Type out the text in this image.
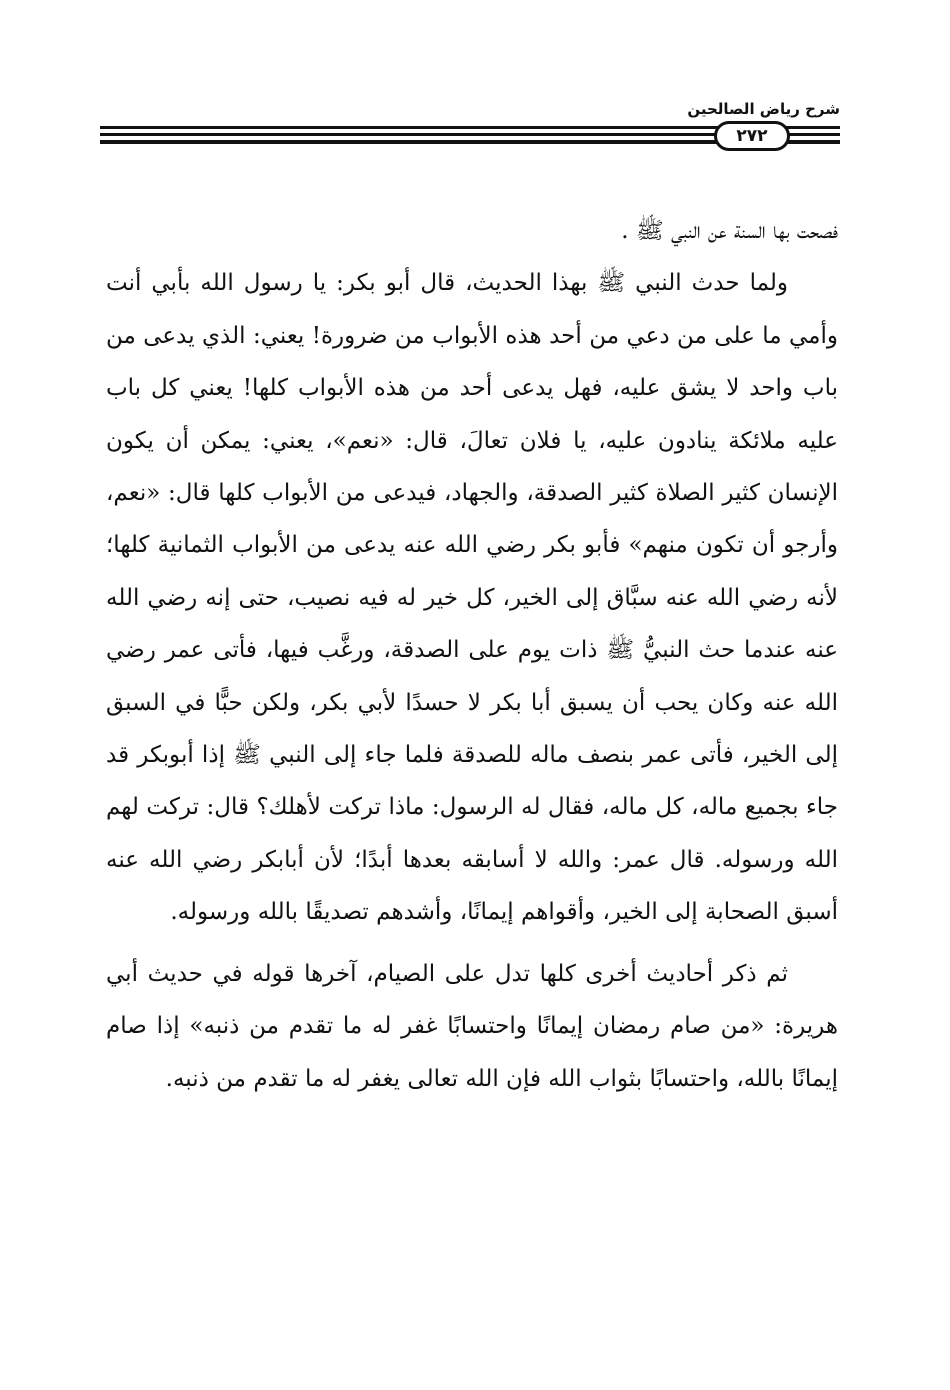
شرح رياض الصالحين
٢٧٢

فصحت بها السنة عن النبي ﷺ .

ولما حدث النبي ﷺ بهذا الحديث، قال أبو بكر: يا رسول الله بأبي أنت وأمي ما على من دعي من أحد هذه الأبواب من ضرورة! يعني: الذي يدعى من باب واحد لا يشق عليه، فهل يدعى أحد من هذه الأبواب كلها! يعني كل باب عليه ملائكة ينادون عليه، يا فلان تعالَ، قال: «نعم»، يعني: يمكن أن يكون الإنسان كثير الصلاة كثير الصدقة، والجهاد، فيدعى من الأبواب كلها قال: «نعم، وأرجو أن تكون منهم» فأبو بكر رضي الله عنه يدعى من الأبواب الثمانية كلها؛ لأنه رضي الله عنه سبَّاق إلى الخير، كل خير له فيه نصيب، حتى إنه رضي الله عنه عندما حث النبيُّ ﷺ ذات يوم على الصدقة، ورغَّب فيها، فأتى عمر رضي الله عنه وكان يحب أن يسبق أبا بكر لا حسدًا لأبي بكر، ولكن حبًّا في السبق إلى الخير، فأتى عمر بنصف ماله للصدقة فلما جاء إلى النبي ﷺ إذا أبوبكر قد جاء بجميع ماله، كل ماله، فقال له الرسول: ماذا تركت لأهلك؟ قال: تركت لهم الله ورسوله. قال عمر: والله لا أسابقه بعدها أبدًا؛ لأن أبابكر رضي الله عنه أسبق الصحابة إلى الخير، وأقواهم إيمانًا، وأشدهم تصديقًا بالله ورسوله.

ثم ذكر أحاديث أخرى كلها تدل على الصيام، آخرها قوله في حديث أبي هريرة: «من صام رمضان إيمانًا واحتسابًا غفر له ما تقدم من ذنبه» إذا صام إيمانًا بالله، واحتسابًا بثواب الله فإن الله تعالى يغفر له ما تقدم من ذنبه.
